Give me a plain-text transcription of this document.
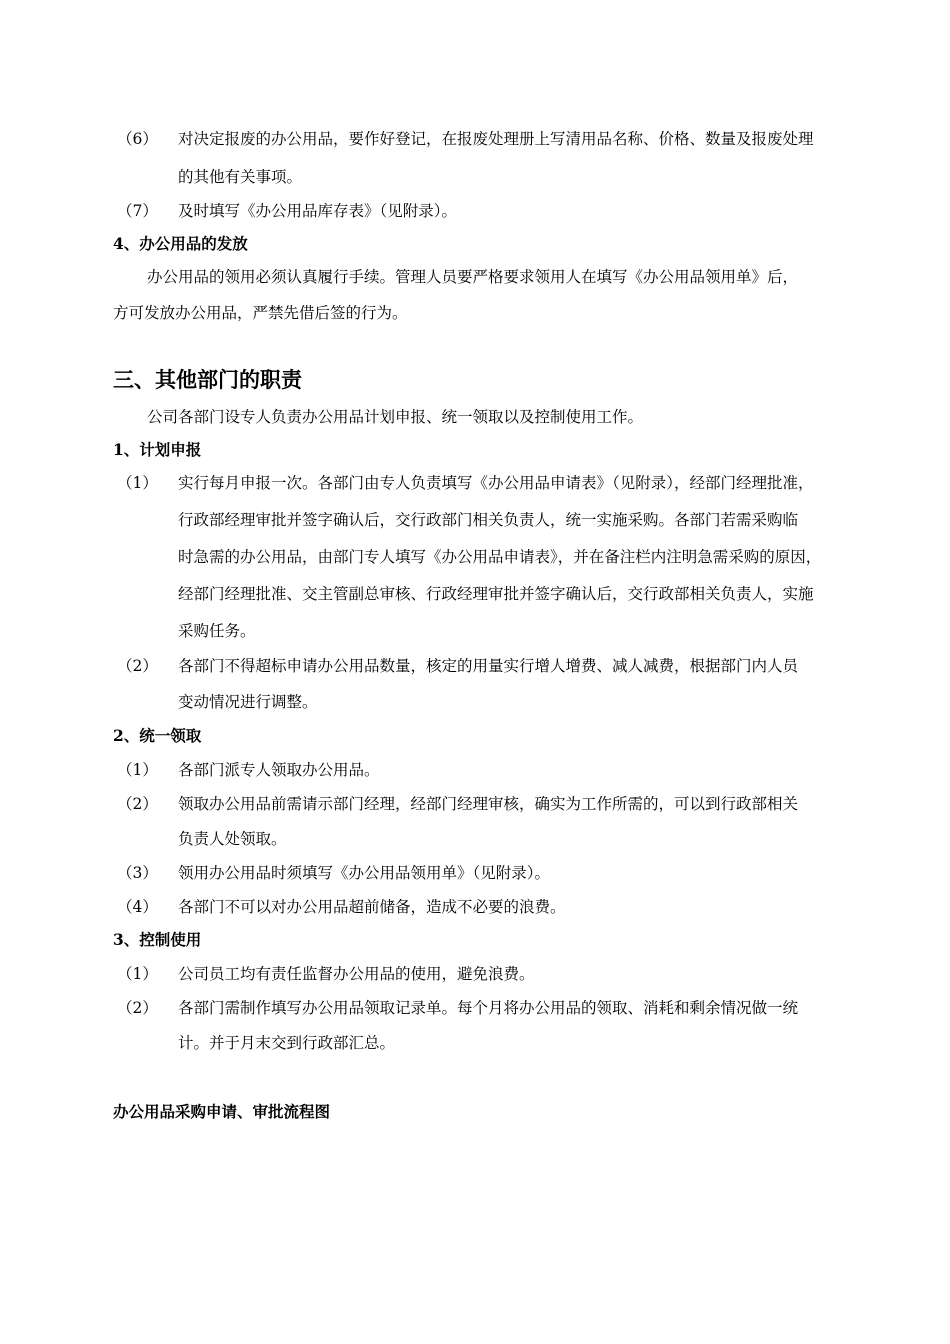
（6） 对决定报废的办公用品，要作好登记，在报废处理册上写清用品名称、价格、数量及报废处理
的其他有关事项。
（7） 及时填写《办公用品库存表》（见附录）。
4、办公用品的发放
办公用品的领用必须认真履行手续。管理人员要严格要求领用人在填写《办公用品领用单》后，
方可发放办公用品，严禁先借后签的行为。
三、其他部门的职责
公司各部门设专人负责办公用品计划申报、统一领取以及控制使用工作。
1、计划申报
（1） 实行每月申报一次。各部门由专人负责填写《办公用品申请表》（见附录），经部门经理批准，
行政部经理审批并签字确认后，交行政部门相关负责人，统一实施采购。各部门若需采购临
时急需的办公用品，由部门专人填写《办公用品申请表》，并在备注栏内注明急需采购的原因，
经部门经理批准、交主管副总审核、行政经理审批并签字确认后，交行政部相关负责人，实施
采购任务。
（2） 各部门不得超标申请办公用品数量，核定的用量实行增人增费、减人减费，根据部门内人员
变动情况进行调整。
2、统一领取
（1） 各部门派专人领取办公用品。
（2） 领取办公用品前需请示部门经理，经部门经理审核，确实为工作所需的，可以到行政部相关
负责人处领取。
（3） 领用办公用品时须填写《办公用品领用单》（见附录）。
（4） 各部门不可以对办公用品超前储备，造成不必要的浪费。
3、控制使用
（1） 公司员工均有责任监督办公用品的使用，避免浪费。
（2） 各部门需制作填写办公用品领取记录单。每个月将办公用品的领取、消耗和剩余情况做一统
计。并于月末交到行政部汇总。
办公用品采购申请、审批流程图
